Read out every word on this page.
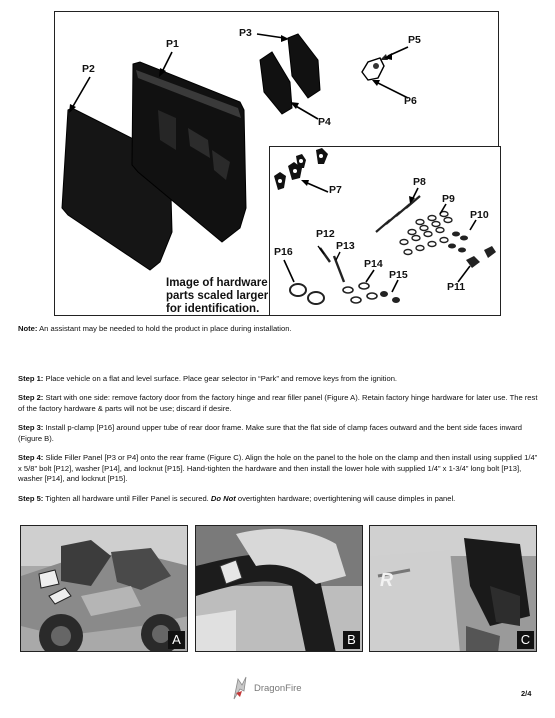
P1
P2
P3
P4
P5
P6
P7
P8
P9
P10
P11
P12
P13
P14
P15
P16
Image of hardware
parts scaled larger
for identification.
Note: An assistant may be needed to hold the product in place during installation.
Step 1: Place vehicle on a flat and level surface. Place gear selector in “Park” and remove keys from the ignition.
Step 2: Start with one side: remove factory door from the factory hinge and rear filler panel (Figure A). Retain factory hinge hardware for later use. The rest of the factory hardware & parts will not be use; discard if desire.
Step 3: Install p-clamp [P16] around upper tube of rear door frame. Make sure that the flat side of clamp faces outward and the bent side faces inward (Figure B).
Step 4: Slide Filler Panel [P3 or P4] onto the rear frame (Figure C). Align the hole on the panel to the hole on the clamp and then install using supplied 1/4” x 5/8” bolt [P12], washer [P14], and locknut [P15]. Hand-tighten the hardware and then install the lower hole with supplied 1/4” x 1-3/4” long bolt [P13], washer [P14], and locknut [P15].
Step 5: Tighten all hardware until Filler Panel is secured. Do Not overtighten hardware; overtightening will cause dimples in panel.
A	B
R
C
DragonFire	2/4
